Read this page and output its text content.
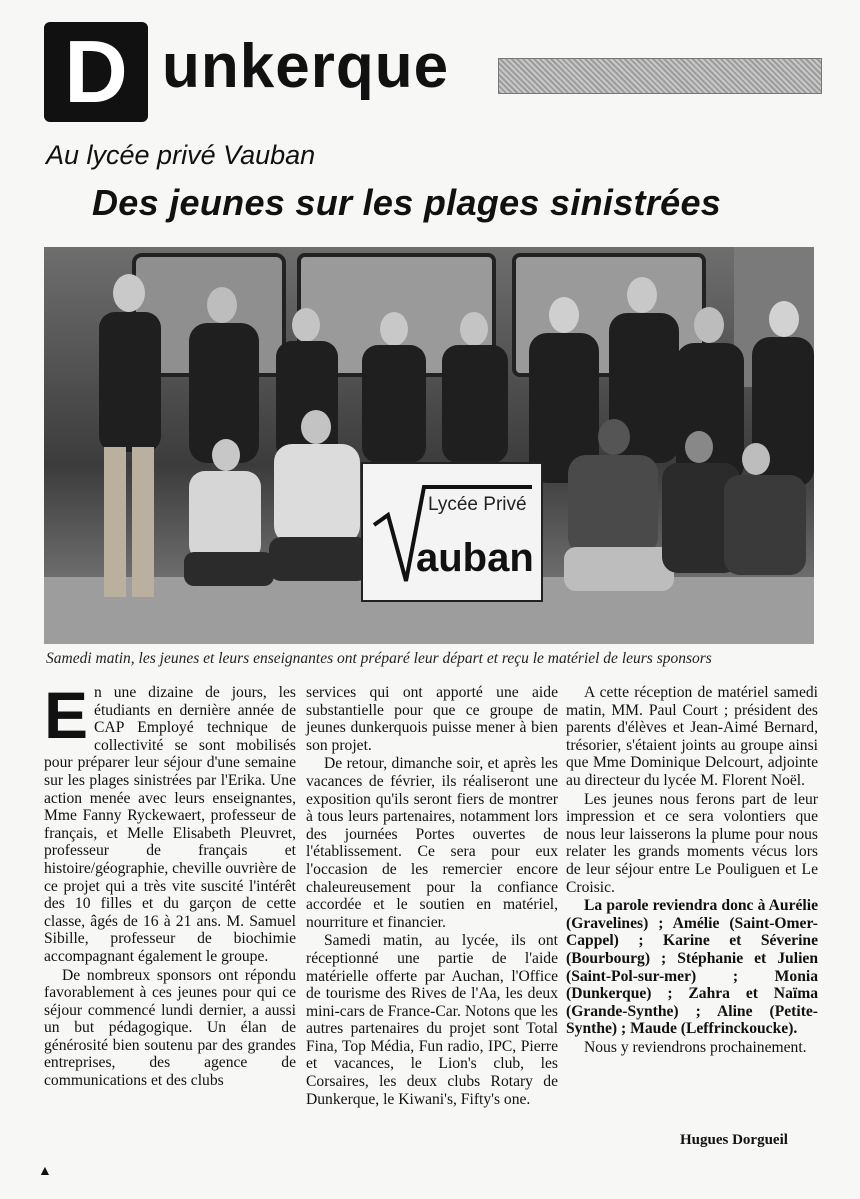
D unkerque
Au lycée privé Vauban
Des jeunes sur les plages sinistrées
Lycée Privé
auban
Samedi matin, les jeunes et leurs enseignantes ont préparé leur départ et reçu le matériel de leurs sponsors

En une dizaine de jours, les étudiants en dernière année de CAP Employé technique de collectivité se sont mobilisés pour préparer leur séjour d'une semaine sur les plages sinistrées par l'Erika. Une action menée avec leurs enseignantes, Mme Fanny Ryckewaert, professeur de français, et Melle Elisabeth Pleuvret, professeur de français et histoire/géographie, cheville ouvrière de ce projet qui a très vite suscité l'intérêt des 10 filles et du garçon de cette classe, âgés de 16 à 21 ans. M. Samuel Sibille, professeur de biochimie accompagnant également le groupe.

De nombreux sponsors ont répondu favorablement à ces jeunes pour qui ce séjour commencé lundi dernier, a aussi un but pédagogique. Un élan de générosité bien soutenu par des grandes entreprises, des agence de communications et des clubs

services qui ont apporté une aide substantielle pour que ce groupe de jeunes dunkerquois puisse mener à bien son projet.

De retour, dimanche soir, et après les vacances de février, ils réaliseront une exposition qu'ils seront fiers de montrer à tous leurs partenaires, notamment lors des journées Portes ouvertes de l'établissement. Ce sera pour eux l'occasion de les remercier encore chaleureusement pour la confiance accordée et le soutien en matériel, nourriture et financier.

Samedi matin, au lycée, ils ont réceptionné une partie de l'aide matérielle offerte par Auchan, l'Office de tourisme des Rives de l'Aa, les deux mini-cars de France-Car. Notons que les autres partenaires du projet sont Total Fina, Top Média, Fun radio, IPC, Pierre et vacances, le Lion's club, les Corsaires, les deux clubs Rotary de Dunkerque, le Kiwani's, Fifty's one.

A cette réception de matériel samedi matin, MM. Paul Court ; président des parents d'élèves et Jean-Aimé Bernard, trésorier, s'étaient joints au groupe ainsi que Mme Dominique Delcourt, adjointe au directeur du lycée M. Florent Noël.

Les jeunes nous ferons part de leur impression et ce sera volontiers que nous leur laisserons la plume pour nous relater les grands moments vécus lors de leur séjour entre Le Pouliguen et Le Croisic.

La parole reviendra donc à Aurélie (Gravelines) ; Amélie (Saint-Omer-Cappel) ; Karine et Séverine (Bourbourg) ; Stéphanie et Julien (Saint-Pol-sur-mer) ; Monia (Dunkerque) ; Zahra et Naïma (Grande-Synthe) ; Aline (Petite-Synthe) ; Maude (Leffrinckoucke).

Nous y reviendrons prochainement.

Hugues Dorgueil
▲
